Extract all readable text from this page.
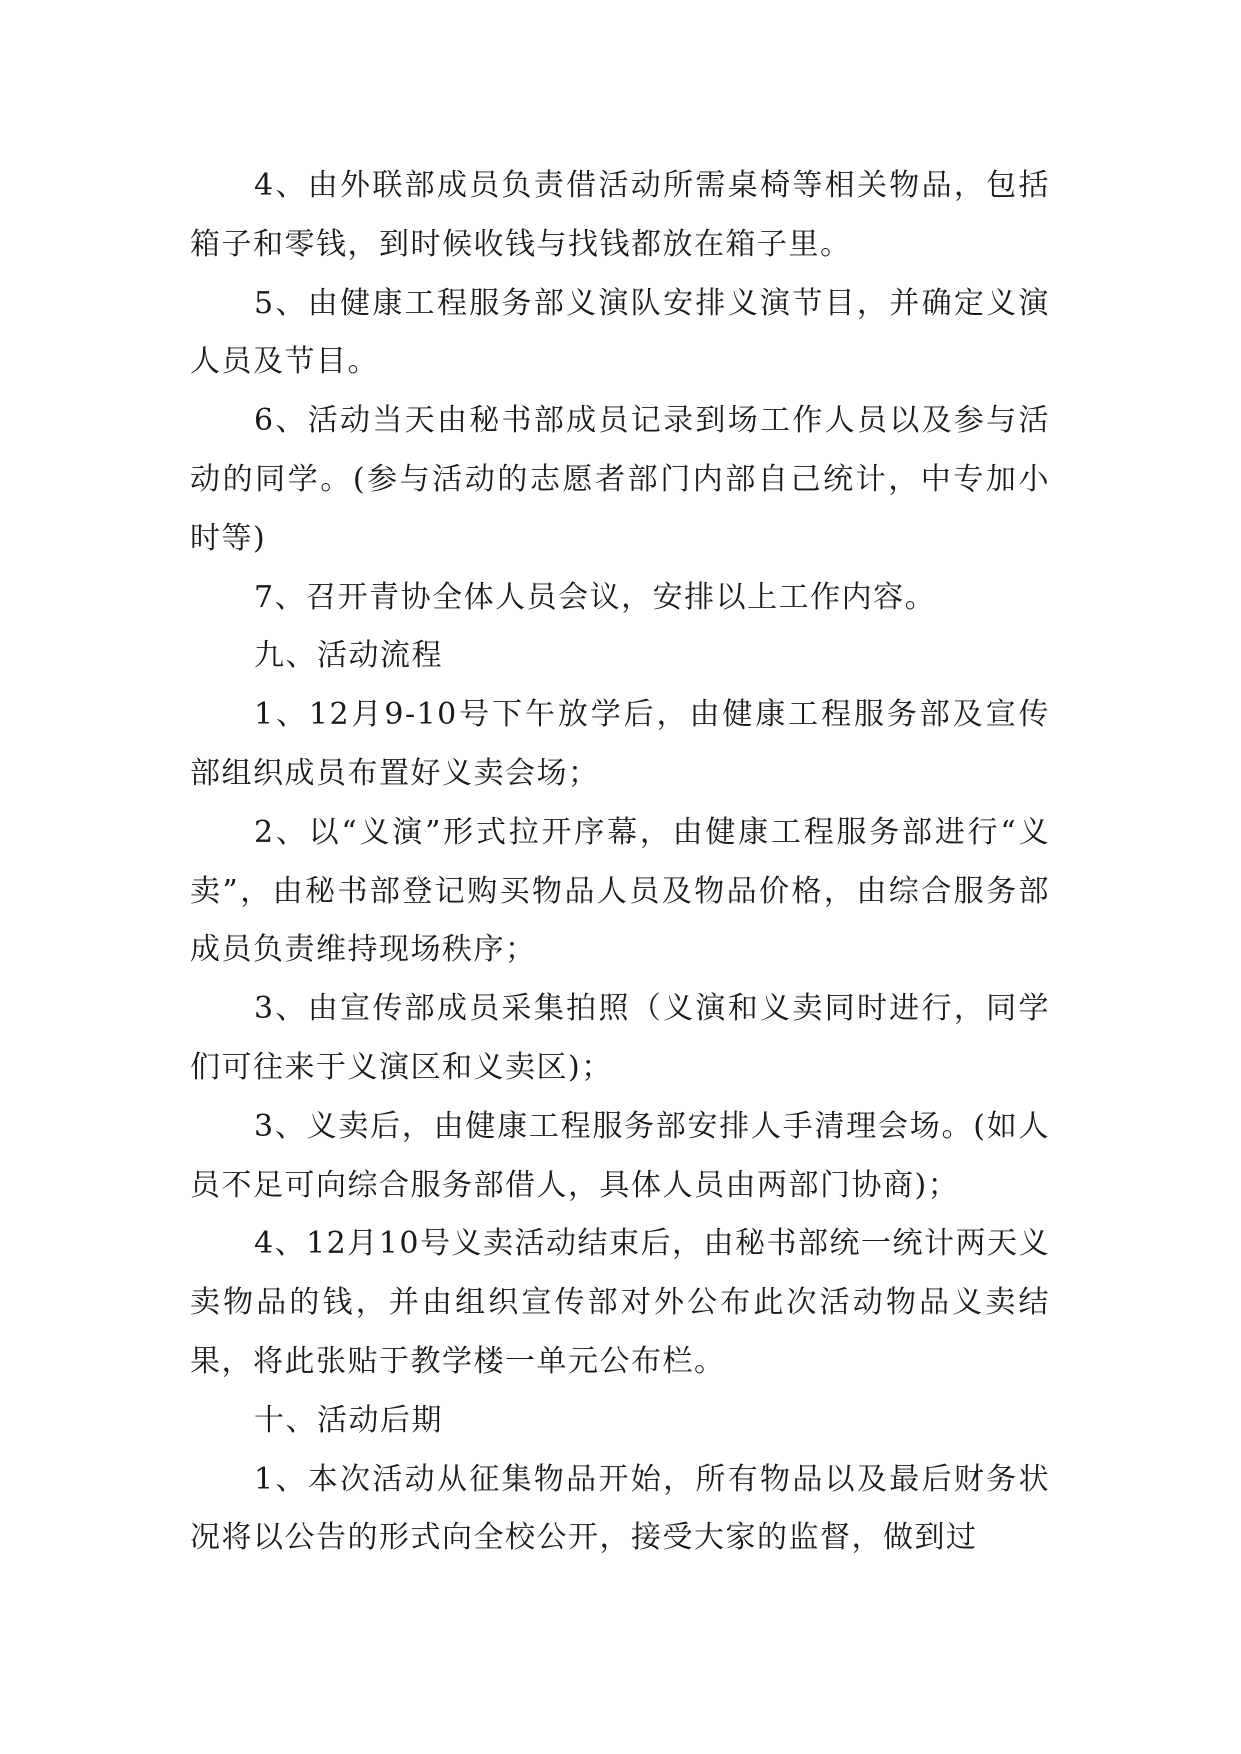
4、由外联部成员负责借活动所需桌椅等相关物品，包括箱子和零钱，到时候收钱与找钱都放在箱子里。

5、由健康工程服务部义演队安排义演节目，并确定义演人员及节目。

6、活动当天由秘书部成员记录到场工作人员以及参与活动的同学。(参与活动的志愿者部门内部自己统计，中专加小时等)

7、召开青协全体人员会议，安排以上工作内容。

九、活动流程

1、12月9-10号下午放学后，由健康工程服务部及宣传部组织成员布置好义卖会场；

2、以“义演”形式拉开序幕，由健康工程服务部进行“义卖”，由秘书部登记购买物品人员及物品价格，由综合服务部成员负责维持现场秩序；

3、由宣传部成员采集拍照（义演和义卖同时进行，同学们可往来于义演区和义卖区)；

3、义卖后，由健康工程服务部安排人手清理会场。(如人员不足可向综合服务部借人，具体人员由两部门协商)；

4、12月10号义卖活动结束后，由秘书部统一统计两天义卖物品的钱，并由组织宣传部对外公布此次活动物品义卖结果，将此张贴于教学楼一单元公布栏。

十、活动后期

1、本次活动从征集物品开始，所有物品以及最后财务状况将以公告的形式向全校公开，接受大家的监督，做到过
